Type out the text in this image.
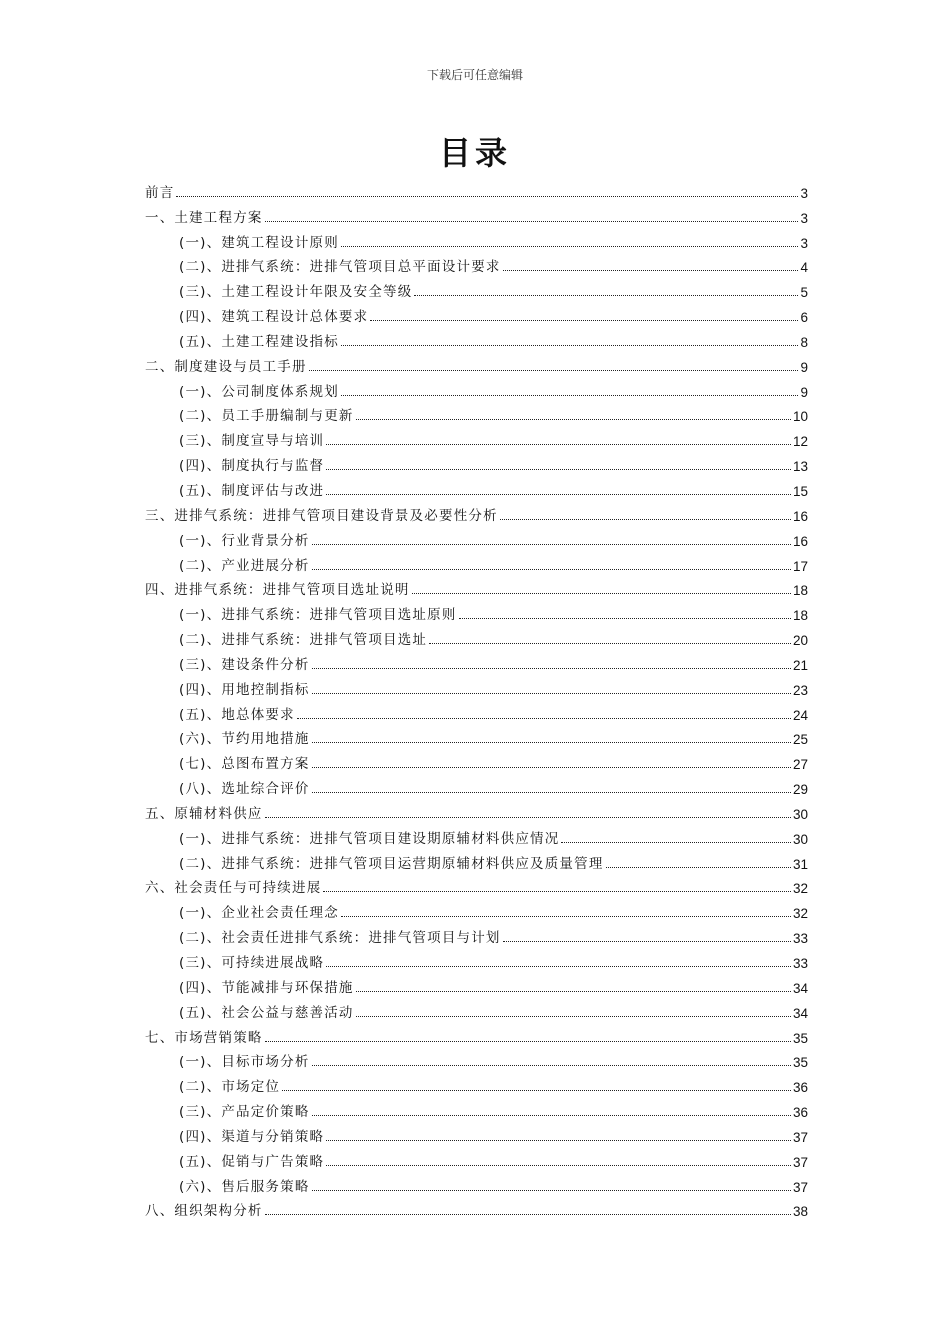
下载后可任意编辑
目录
前言	3
一、土建工程方案	3
(一)、建筑工程设计原则	3
(二)、进排气系统：进排气管项目总平面设计要求	4
(三)、土建工程设计年限及安全等级	5
(四)、建筑工程设计总体要求	6
(五)、土建工程建设指标	8
二、制度建设与员工手册	9
(一)、公司制度体系规划	9
(二)、员工手册编制与更新	10
(三)、制度宣导与培训	12
(四)、制度执行与监督	13
(五)、制度评估与改进	15
三、进排气系统：进排气管项目建设背景及必要性分析	16
(一)、行业背景分析	16
(二)、产业进展分析	17
四、进排气系统：进排气管项目选址说明	18
(一)、进排气系统：进排气管项目选址原则	18
(二)、进排气系统：进排气管项目选址	20
(三)、建设条件分析	21
(四)、用地控制指标	23
(五)、地总体要求	24
(六)、节约用地措施	25
(七)、总图布置方案	27
(八)、选址综合评价	29
五、原辅材料供应	30
(一)、进排气系统：进排气管项目建设期原辅材料供应情况	30
(二)、进排气系统：进排气管项目运营期原辅材料供应及质量管理	31
六、社会责任与可持续进展	32
(一)、企业社会责任理念	32
(二)、社会责任进排气系统：进排气管项目与计划	33
(三)、可持续进展战略	33
(四)、节能减排与环保措施	34
(五)、社会公益与慈善活动	34
七、市场营销策略	35
(一)、目标市场分析	35
(二)、市场定位	36
(三)、产品定价策略	36
(四)、渠道与分销策略	37
(五)、促销与广告策略	37
(六)、售后服务策略	37
八、组织架构分析	38
